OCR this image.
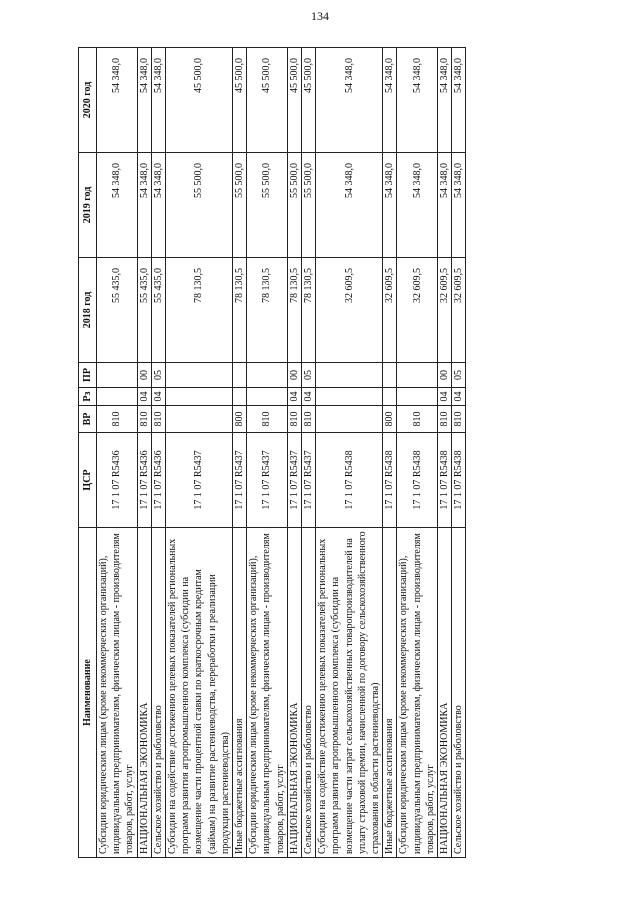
134
Наименование	ЦСР	ВР	Рз	ПР	2018 год	2019 год	2020 год
Субсидии юридическим лицам (кроме некоммерческих организаций), индивидуальным предпринимателям, физическим лицам - производителям товаров, работ, услуг	17 1 07 R5436	810			55 435,0	54 348,0	54 348,0
НАЦИОНАЛЬНАЯ ЭКОНОМИКА	17 1 07 R5436	810	04	00	55 435,0	54 348,0	54 348,0
Сельское хозяйство и рыболовство	17 1 07 R5436	810	04	05	55 435,0	54 348,0	54 348,0
Субсидии на содействие достижению целевых показателей региональных программ развития агропромышленного комплекса (субсидии на возмещение части процентной ставки по краткосрочным кредитам (займам) на развитие растениеводства, переработки и реализации продукции растениеводства)	17 1 07 R5437				78 130,5	55 500,0	45 500,0
Иные бюджетные ассигнования	17 1 07 R5437	800			78 130,5	55 500,0	45 500,0
Субсидии юридическим лицам (кроме некоммерческих организаций), индивидуальным предпринимателям, физическим лицам - производителям товаров, работ, услуг	17 1 07 R5437	810			78 130,5	55 500,0	45 500,0
НАЦИОНАЛЬНАЯ ЭКОНОМИКА	17 1 07 R5437	810	04	00	78 130,5	55 500,0	45 500,0
Сельское хозяйство и рыболовство	17 1 07 R5437	810	04	05	78 130,5	55 500,0	45 500,0
Субсидии на содействие достижению целевых показателей региональных программ развития агропромышленного комплекса (субсидии на возмещение части затрат сельскохозяйственных товаропроизводителей на уплату страховой премии, начисленной по договору сельскохозяйственного страхования в области растениеводства)	17 1 07 R5438				32 609,5	54 348,0	54 348,0
Иные бюджетные ассигнования	17 1 07 R5438	800			32 609,5	54 348,0	54 348,0
Субсидии юридическим лицам (кроме некоммерческих организаций), индивидуальным предпринимателям, физическим лицам - производителям товаров, работ, услуг	17 1 07 R5438	810			32 609,5	54 348,0	54 348,0
НАЦИОНАЛЬНАЯ ЭКОНОМИКА	17 1 07 R5438	810	04	00	32 609,5	54 348,0	54 348,0
Сельское хозяйство и рыболовство	17 1 07 R5438	810	04	05	32 609,5	54 348,0	54 348,0
